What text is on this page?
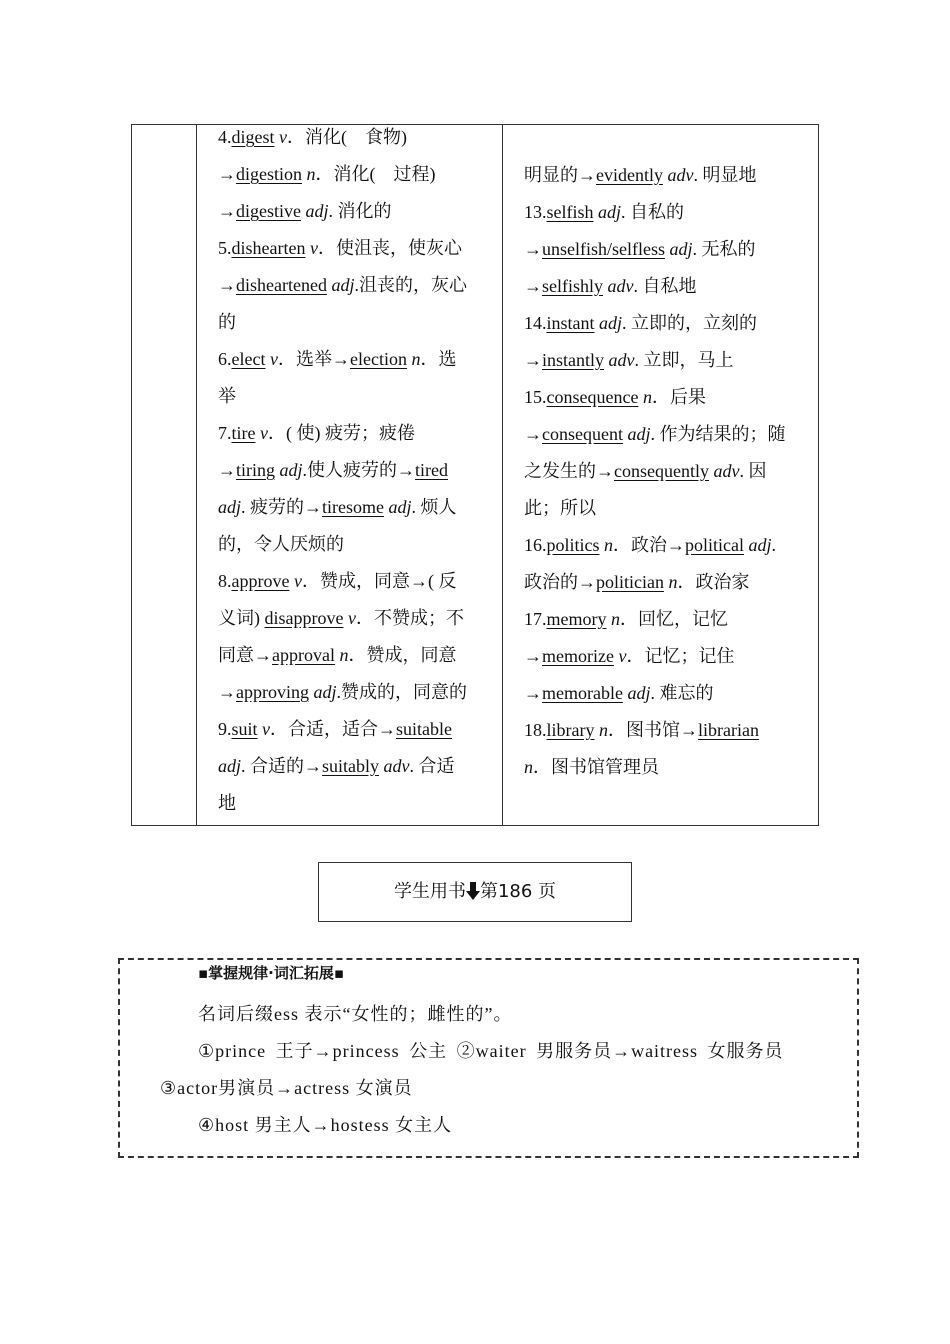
4.digest v．消化(　食物)
→digestion n．消化(　过程)
→digestive adj. 消化的
5.dishearten v．使沮丧，使灰心
→disheartened adj.沮丧的，灰心
的
6.elect v．选举→election n．选
举
7.tire v．( 使) 疲劳；疲倦
→tiring adj.使人疲劳的→tired
adj. 疲劳的→tiresome adj. 烦人
的，令人厌烦的
8.approve v．赞成，同意→( 反
义词) disapprove v．不赞成；不
同意→approval n．赞成，同意
→approving adj.赞成的，同意的
9.suit v．合适，适合→suitable
adj. 合适的→suitably adv. 合适
地
明显的→evidently adv. 明显地
13.selfish adj. 自私的
→unselfish/selfless adj. 无私的
→selfishly adv. 自私地
14.instant adj. 立即的，立刻的
→instantly adv. 立即，马上
15.consequence n．后果
→consequent adj. 作为结果的；随
之发生的→consequently adv. 因
此；所以
16.politics n．政治→political adj.
政治的→politician n．政治家
17.memory n．回忆，记忆
→memorize v．记忆；记住
→memorable adj. 难忘的
18.library n．图书馆→librarian
n．图书馆管理员
学生用书 第186 页
▪掌握规律·词汇拓展▪
名词后缀ess 表示“女性的；雌性的”。
①prince 王子→princess 公主 ②waiter 男服务员→waitress 女服务员
③actor男演员→actress 女演员
④host 男主人→hostess 女主人
